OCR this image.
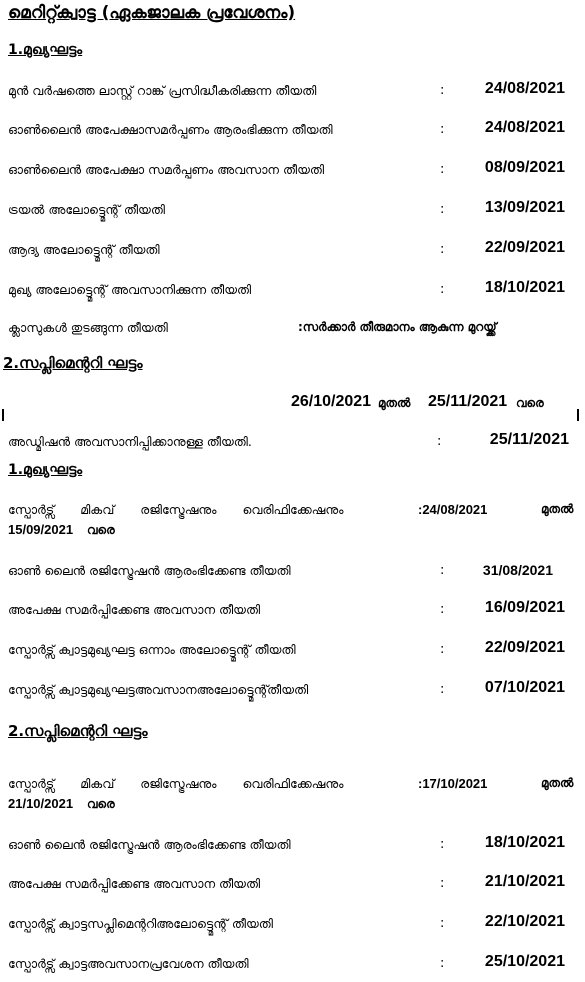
മെറിറ്റ്ക്വാട്ട (ഏകജാലക പ്രവേശനം)
1.മുഖ്യഘട്ടം
മുൻ വർഷത്തെ ലാസ്റ്റ് റാങ്ക് പ്രസിദ്ധീകരിക്കുന്ന തീയതി	:	24/08/2021
ഓൺലൈൻ അപേക്ഷാസമർപ്പണം ആരംഭിക്കുന്ന തീയതി	:	24/08/2021
ഓൺലൈൻ അപേക്ഷാ സമർപ്പണം അവസാന തീയതി	:	08/09/2021
ട്രയൽ അലോട്ട്മെന്റ് തീയതി	:	13/09/2021
ആദ്യ അലോട്ട്മെന്റ് തീയതി	:	22/09/2021
മുഖ്യ അലോട്ട്മെന്റ് അവസാനിക്കുന്ന തീയതി	:	18/10/2021
ക്ലാസുകൾ തുടങ്ങുന്ന തീയതി	:സർക്കാർ തീരുമാനം ആകുന്ന മുറയ്ക്ക്
2.സപ്ലിമെന്ററി ഘട്ടം
26/10/2021 മുതൽ 25/11/2021 വരെ
അഡ്മിഷൻ അവസാനിപ്പിക്കാനുള്ള തീയതി.	:	25/11/2021
1.മുഖ്യഘട്ടം
സ്പോർട്സ് മികവ് രജിസ്ട്രേഷനും വെരിഫിക്കേഷനും	:24/08/2021	മുതൽ
15/09/2021 വരെ
ഓൺ ലൈൻ രജിസ്ട്രേഷൻ ആരംഭിക്കേണ്ട തീയതി	:	31/08/2021
അപേക്ഷ സമർപ്പിക്കേണ്ട അവസാന തീയതി	:	16/09/2021
സ്പോർട്സ് ക്വാട്ടമുഖ്യഘട്ട ഒന്നാം അലോട്ട്മെന്റ് തീയതി	:	22/09/2021
സ്പോർട്സ് ക്വാട്ടമുഖ്യഘട്ടഅവസാനഅലോട്ട്മെന്റ്തീയതി	:	07/10/2021
2.സപ്ലിമെന്ററി ഘട്ടം
സ്പോർട്സ് മികവ് രജിസ്ട്രേഷനും വെരിഫിക്കേഷനും	:17/10/2021	മുതൽ
21/10/2021 വരെ
ഓൺ ലൈൻ രജിസ്ട്രേഷൻ ആരംഭിക്കേണ്ട തീയതി	:	18/10/2021
അപേക്ഷ സമർപ്പിക്കേണ്ട അവസാന തീയതി	:	21/10/2021
സ്പോർട്സ് ക്വാട്ടസപ്ലിമെന്ററിഅലോട്ട്മെന്റ് തീയതി	:	22/10/2021
സ്പോർട്സ് ക്വാട്ടഅവസാനപ്രവേശന തീയതി	:	25/10/2021
